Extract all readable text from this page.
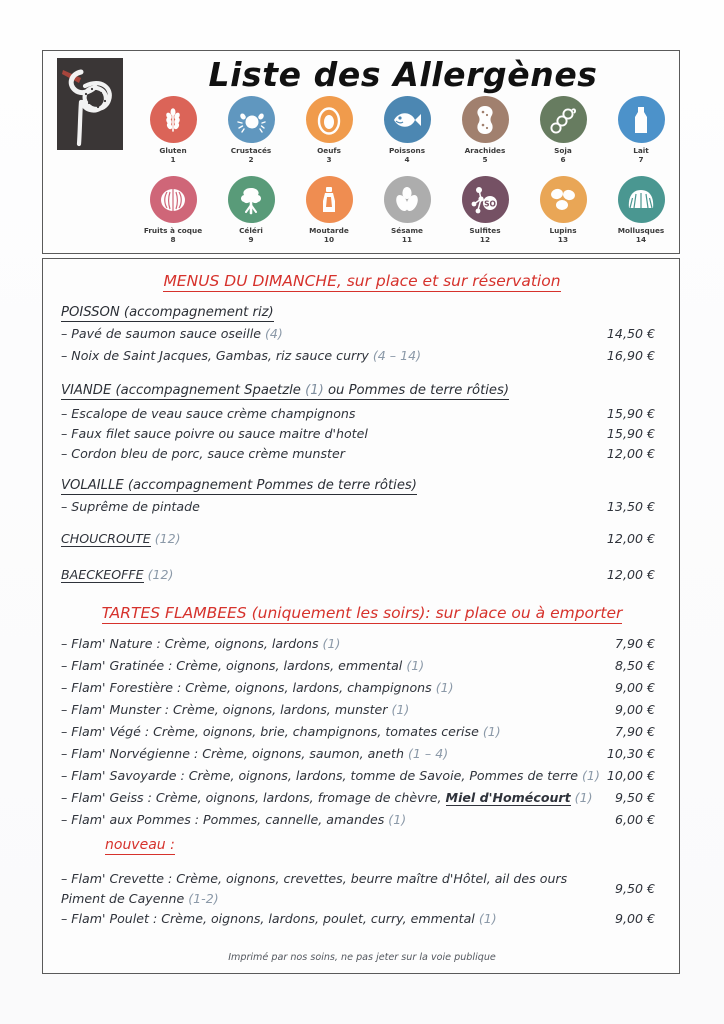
Liste des Allergènes
Gluten
1
Crustacés
2
Oeufs
3
Poissons
4
Arachides
5
Soja
6
Lait
7
Fruits à coque
8
Céléri
9
Moutarde
10
Sésame
11
SO
Sulfites
12
Lupins
13
Mollusques
14
MENUS DU DIMANCHE, sur place et sur réservation
POISSON (accompagnement riz)
– Pavé de saumon sauce oseille (4)	14,50 €
– Noix de Saint Jacques, Gambas, riz sauce curry (4 – 14)	16,90 €
VIANDE (accompagnement Spaetzle (1) ou Pommes de terre rôties)
– Escalope de veau sauce crème champignons	15,90 €
– Faux filet sauce poivre ou sauce maitre d'hotel	15,90 €
– Cordon bleu de porc, sauce crème munster	12,00 €
VOLAILLE (accompagnement Pommes de terre rôties)
– Suprême de pintade	13,50 €
CHOUCROUTE (12)	12,00 €
BAECKEOFFE (12)	12,00 €
TARTES FLAMBEES (uniquement les soirs): sur place ou à emporter
– Flam' Nature : Crème, oignons, lardons (1)	7,90 €
– Flam' Gratinée : Crème, oignons, lardons, emmental (1)	8,50 €
– Flam' Forestière : Crème, oignons, lardons, champignons (1)	9,00 €
– Flam' Munster : Crème, oignons, lardons, munster (1)	9,00 €
– Flam' Végé : Crème, oignons, brie, champignons, tomates cerise (1)	7,90 €
– Flam' Norvégienne : Crème, oignons, saumon, aneth (1 – 4)	10,30 €
– Flam' Savoyarde : Crème, oignons, lardons, tomme de Savoie, Pommes de terre (1) 10,00 €
– Flam' Geiss : Crème, oignons, lardons, fromage de chèvre, Miel d'Homécourt (1) 9,50 €
– Flam' aux Pommes : Pommes, cannelle, amandes (1)	6,00 €
nouveau :
– Flam' Crevette : Crème, oignons, crevettes, beurre maître d'Hôtel, ail des ours
Piment de Cayenne (1-2)
9,50 €
– Flam' Poulet : Crème, oignons, lardons, poulet, curry, emmental (1)	9,00 €
Imprimé par nos soins, ne pas jeter sur la voie publique
